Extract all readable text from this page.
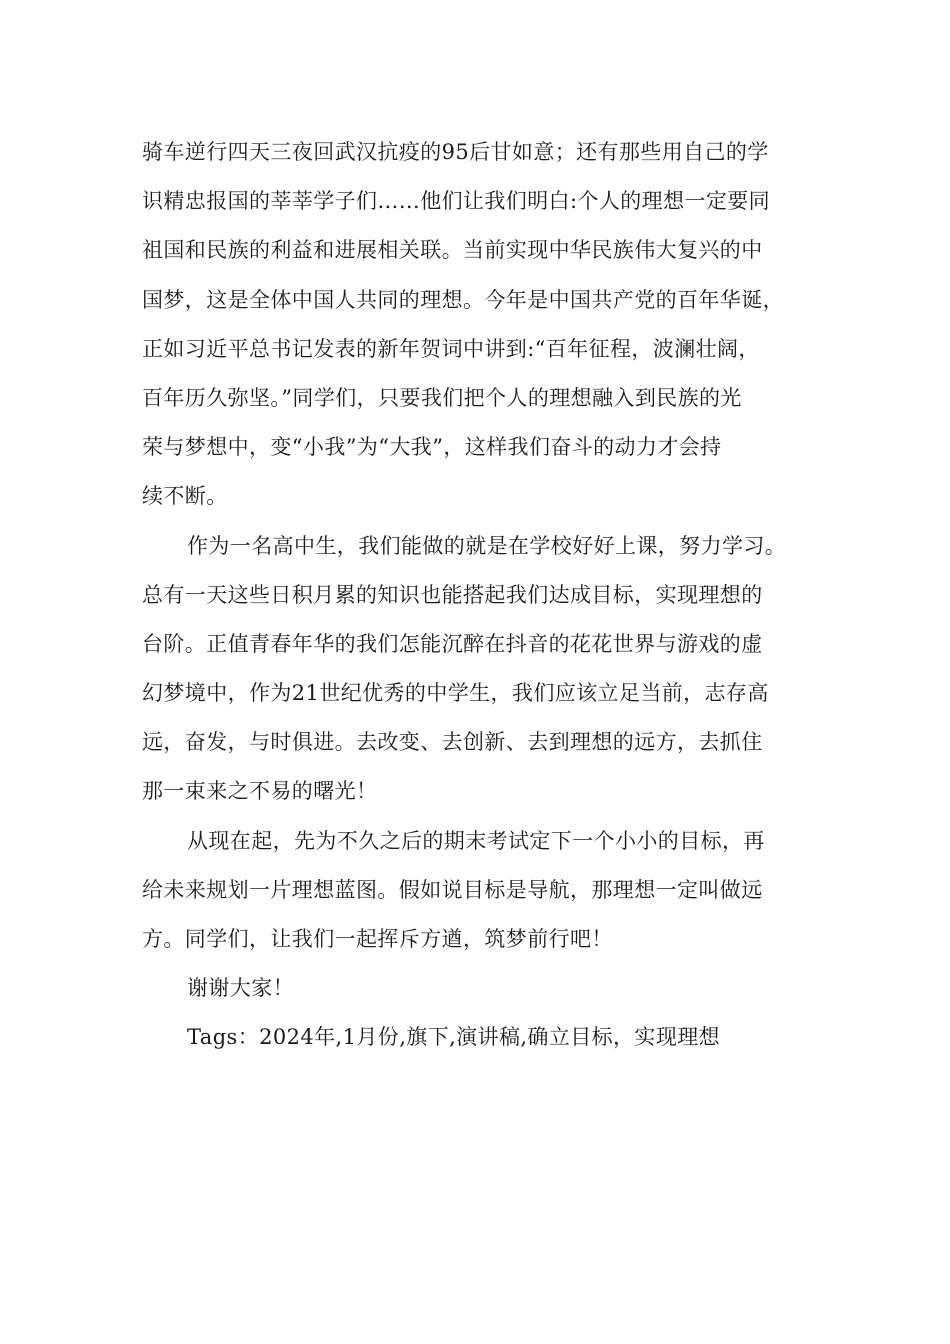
骑车逆行四天三夜回武汉抗疫的95后甘如意；还有那些用自己的学
识精忠报国的莘莘学子们……他们让我们明白:个人的理想一定要同
祖国和民族的利益和进展相关联。当前实现中华民族伟大复兴的中
国梦，这是全体中国人共同的理想。今年是中国共产党的百年华诞，
正如习近平总书记发表的新年贺词中讲到:“百年征程，波澜壮阔，
百年历久弥坚。”同学们，只要我们把个人的理想融入到民族的光
荣与梦想中，变“小我”为“大我”，这样我们奋斗的动力才会持
续不断。
作为一名高中生，我们能做的就是在学校好好上课，努力学习。
总有一天这些日积月累的知识也能搭起我们达成目标，实现理想的
台阶。正值青春年华的我们怎能沉醉在抖音的花花世界与游戏的虚
幻梦境中，作为21世纪优秀的中学生，我们应该立足当前，志存高
远，奋发，与时俱进。去改变、去创新、去到理想的远方，去抓住
那一束来之不易的曙光！
从现在起，先为不久之后的期末考试定下一个小小的目标，再
给未来规划一片理想蓝图。假如说目标是导航，那理想一定叫做远
方。同学们，让我们一起挥斥方遒，筑梦前行吧！
谢谢大家！
Tags：2024年,1月份,旗下,演讲稿,确立目标，实现理想
